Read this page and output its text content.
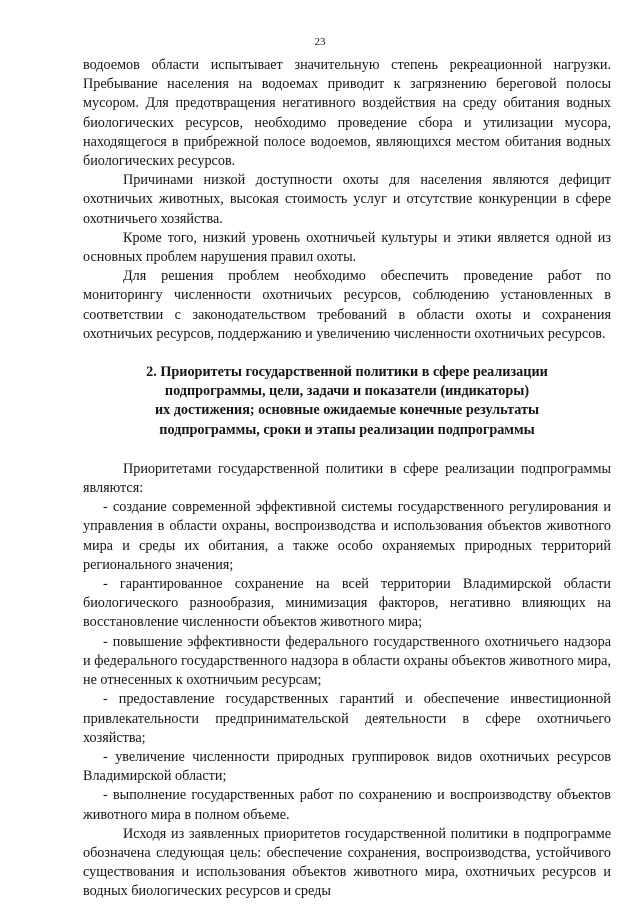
23

водоемов области испытывает значительную степень рекреационной нагрузки. Пребывание населения на водоемах приводит к загрязнению береговой полосы мусором. Для предотвращения негативного воздействия на среду обитания водных биологических ресурсов, необходимо проведение сбора и утилизации мусора, находящегося в прибрежной полосе водоемов, являющихся местом обитания водных биологических ресурсов.

Причинами низкой доступности охоты для населения являются дефицит охотничьих животных, высокая стоимость услуг и отсутствие конкуренции в сфере охотничьего хозяйства.

Кроме того, низкий уровень охотничьей культуры и этики является одной из основных проблем нарушения правил охоты.

Для решения проблем необходимо обеспечить проведение работ по мониторингу численности охотничьих ресурсов, соблюдению установленных в соответствии с законодательством требований в области охоты и сохранения охотничьих ресурсов, поддержанию и увеличению численности охотничьих ресурсов.

2. Приоритеты государственной политики в сфере реализации
подпрограммы, цели, задачи и показатели (индикаторы)
их достижения; основные ожидаемые конечные результаты
подпрограммы, сроки и этапы реализации подпрограммы

Приоритетами государственной политики в сфере реализации подпрограммы являются:

- создание современной эффективной системы государственного регулирования и управления в области охраны, воспроизводства и использования объектов животного мира и среды их обитания, а также особо охраняемых природных территорий регионального значения;

- гарантированное сохранение на всей территории Владимирской области биологического разнообразия, минимизация факторов, негативно влияющих на восстановление численности объектов животного мира;

- повышение эффективности федерального государственного охотничьего надзора и федерального государственного надзора в области охраны объектов животного мира, не отнесенных к охотничьим ресурсам;

- предоставление государственных гарантий и обеспечение инвестиционной привлекательности предпринимательской деятельности в сфере охотничьего хозяйства;

- увеличение численности природных группировок видов охотничьих ресурсов Владимирской области;

- выполнение государственных работ по сохранению и воспроизводству объектов животного мира в полном объеме.

Исходя из заявленных приоритетов государственной политики в подпрограмме обозначена следующая цель: обеспечение сохранения, воспроизводства, устойчивого существования и использования объектов животного мира, охотничьих ресурсов и водных биологических ресурсов и среды
